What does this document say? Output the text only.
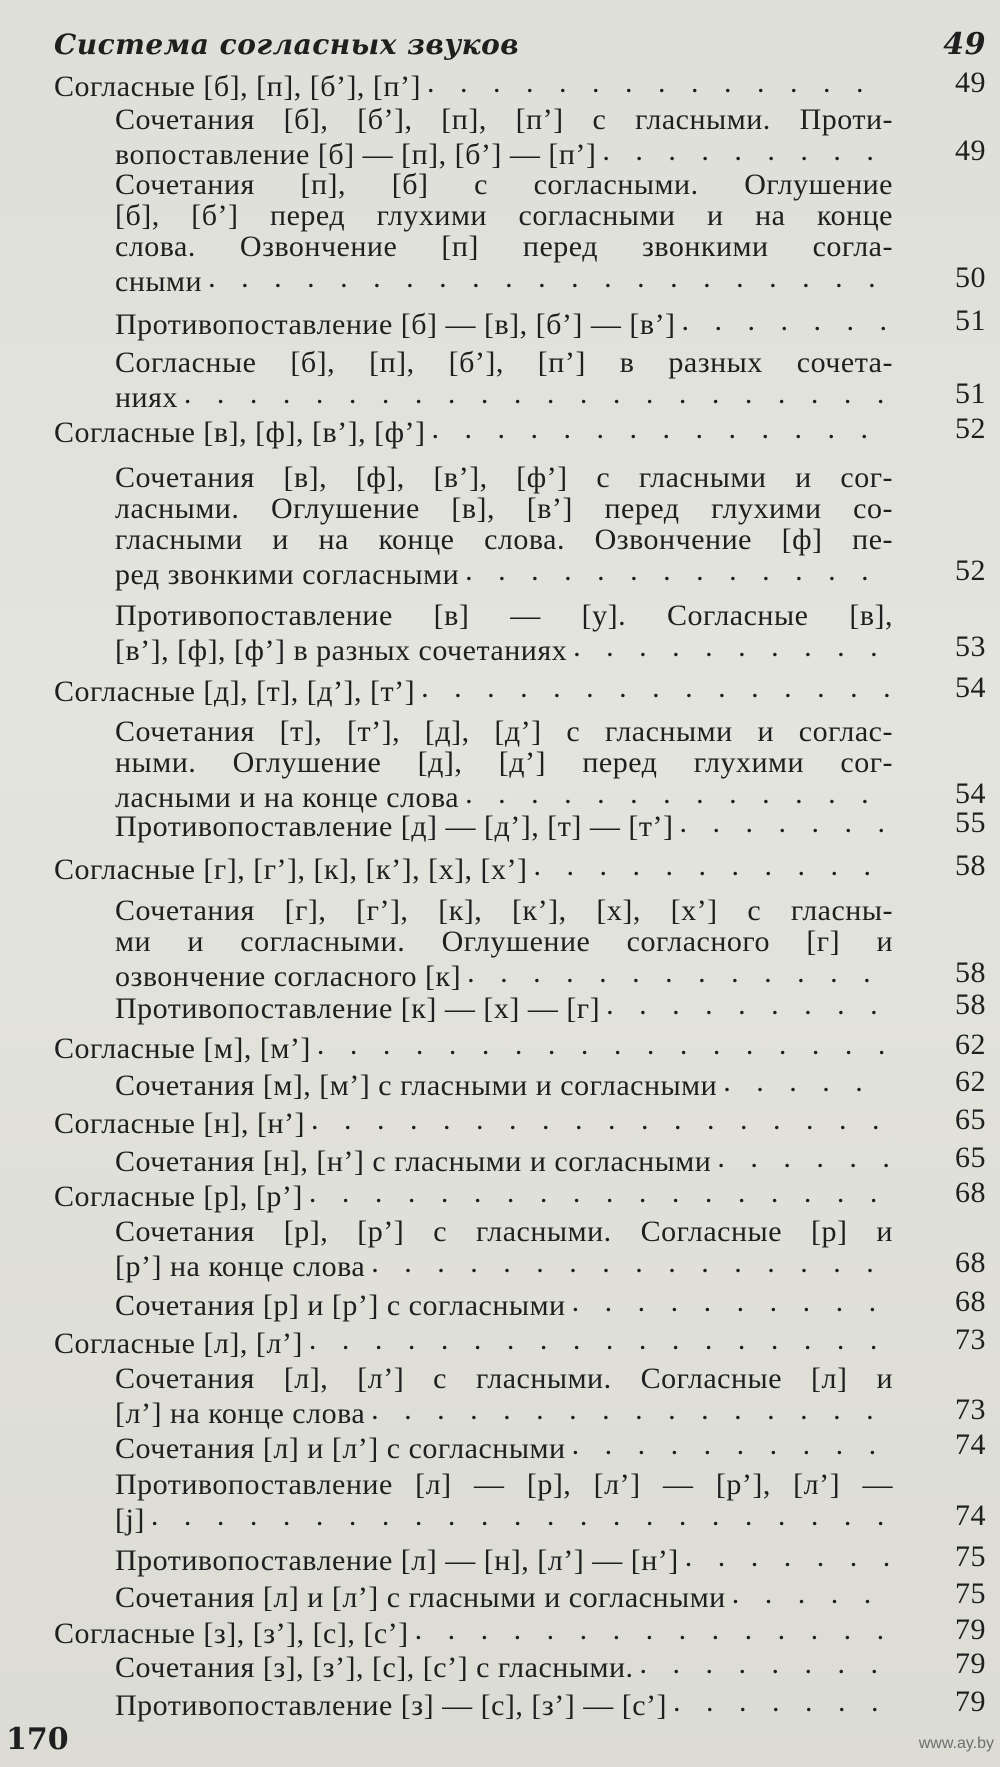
Система согласных звуков	49
Согласные [б], [п], [б’], [п’] . . .	49
Сочетания [б], [б’], [п], [п’] с гласными. Проти-
вопоставление [б] — [п], [б’] — [п’] . . .	49
Сочетания [п], [б] с согласными. Оглушение
[б], [б’] перед глухими согласными и на конце
слова. Озвончение [п] перед звонкими согла-
сными . . .	50
Противопоставление [б] — [в], [б’] — [в’] . . .	51
Согласные [б], [п], [б’], [п’] в разных сочета-
ниях . . .	51
Согласные [в], [ф], [в’], [ф’] . . .	52
Сочетания [в], [ф], [в’], [ф’] с гласными и сог-
ласными. Оглушение [в], [в’] перед глухими со-
гласными и на конце слова. Озвончение [ф] пе-
ред звонкими согласными . . .	52
Противопоставление [в] — [у]. Согласные [в],
[в’], [ф], [ф’] в разных сочетаниях . . .	53
Согласные [д], [т], [д’], [т’] . . .	54
Сочетания [т], [т’], [д], [д’] с гласными и соглас-
ными. Оглушение [д], [д’] перед глухими сог-
ласными и на конце слова . . .	54
Противопоставление [д] — [д’], [т] — [т’] . . .	55
Согласные [г], [г’], [к], [к’], [х], [х’] . . .	58
Сочетания [г], [г’], [к], [к’], [х], [х’] с гласны-
ми и согласными. Оглушение согласного [г] и
озвончение согласного [к] . . .	58
Противопоставление [к] — [х] — [г] . . .	58
Согласные [м], [м’] . . .	62
Сочетания [м], [м’] с гласными и согласными . . .	62
Согласные [н], [н’] . . .	65
Сочетания [н], [н’] с гласными и согласными . . .	65
Согласные [р], [р’] . . .	68
Сочетания [р], [р’] с гласными. Согласные [р] и
[р’] на конце слова . . .	68
Сочетания [р] и [р’] с согласными . . .	68
Согласные [л], [л’] . . .	73
Сочетания [л], [л’] с гласными. Согласные [л] и
[л’] на конце слова . . .	73
Сочетания [л] и [л’] с согласными . . .	74
Противопоставление [л] — [р], [л’] — [р’], [л’] —
[j] . . .	74
Противопоставление [л] — [н], [л’] — [н’] . . .	75
Сочетания [л] и [л’] с гласными и согласными . . .	75
Согласные [з], [з’], [с], [с’] . . .	79
Сочетания [з], [з’], [с], [с’] с гласными. . . .	79
Противопоставление [з] — [с], [з’] — [с’] . . .	79
170	www.ay.by
